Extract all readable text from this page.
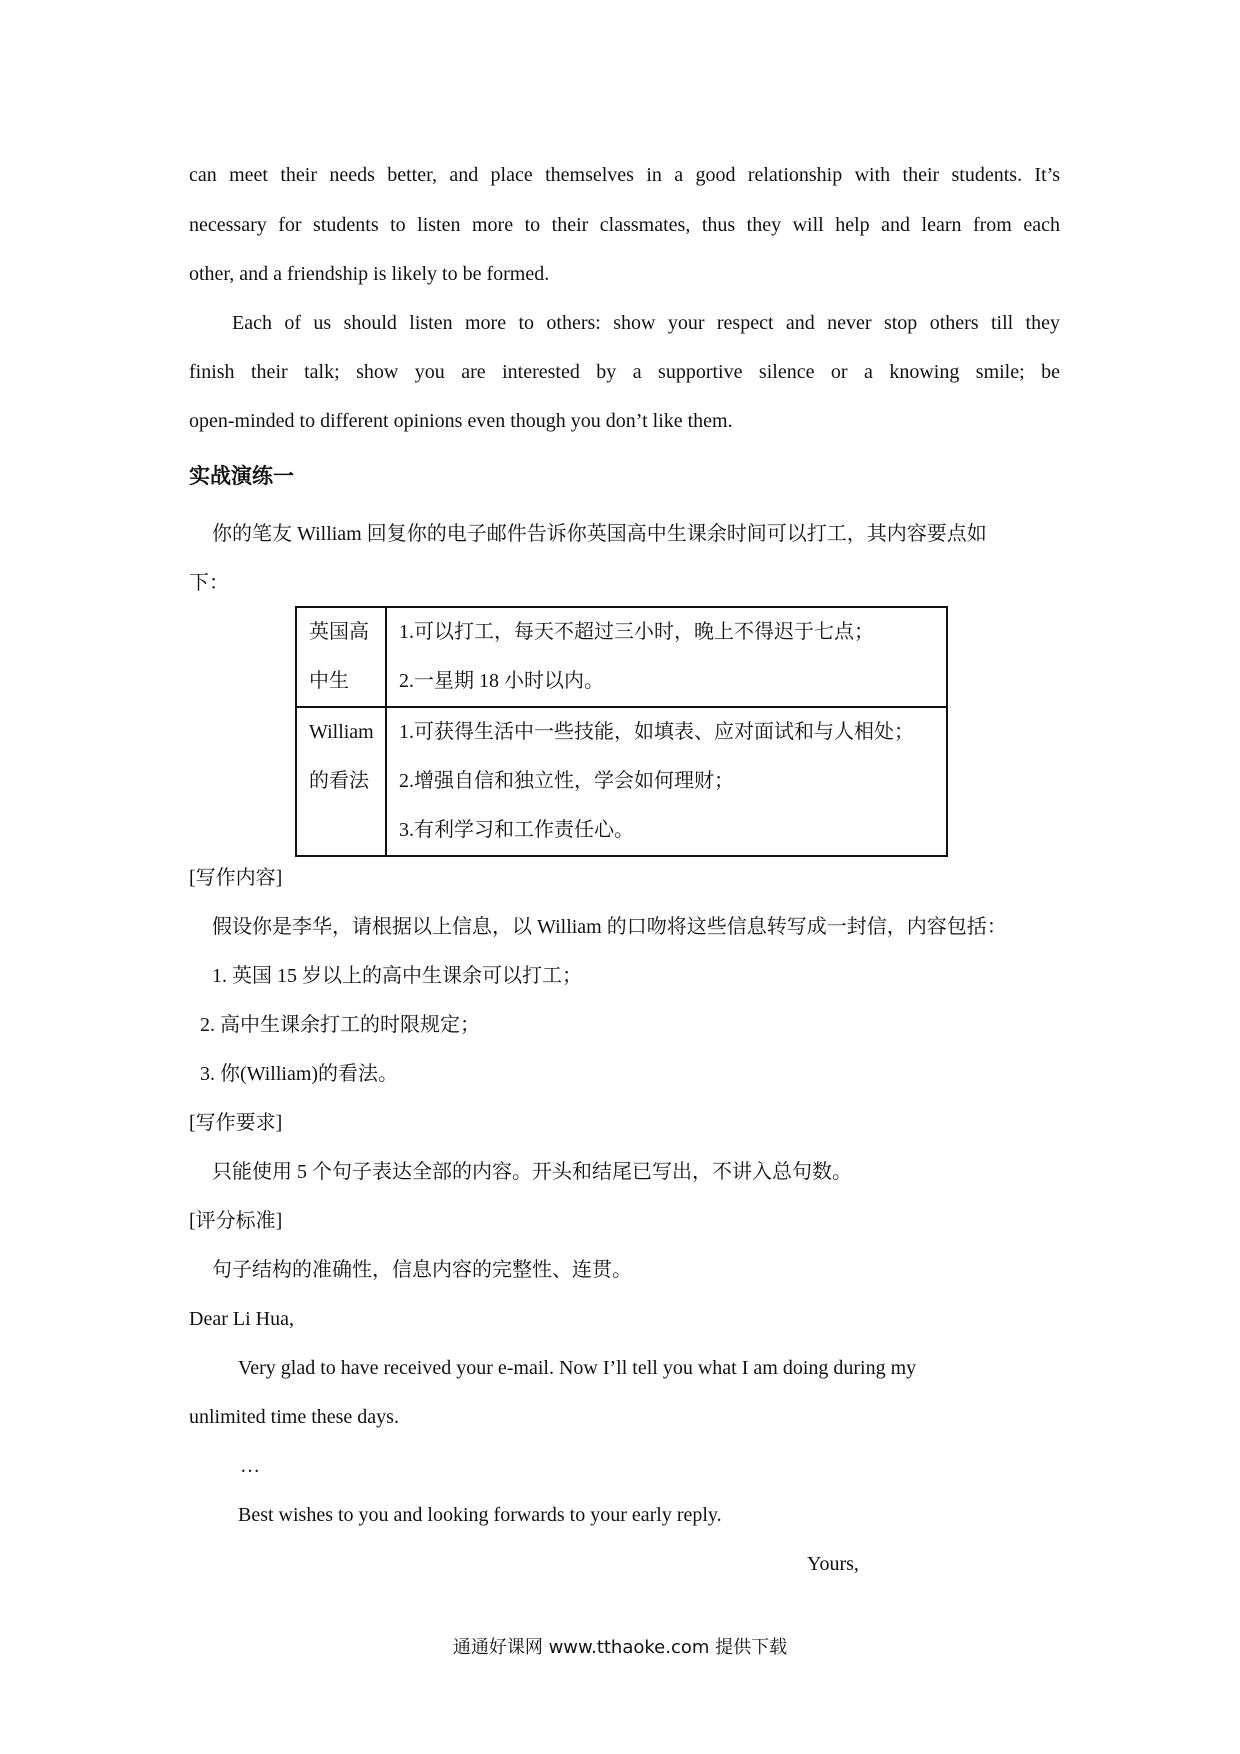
can meet their needs better, and place themselves in a good relationship with their students. It’s
necessary for students to listen more to their classmates, thus they will help and learn from each
other, and a friendship is likely to be formed.
Each of us should listen more to others: show your respect and never stop others till they
finish their talk; show you are interested by a supportive silence or a knowing smile; be
open-minded to different opinions even though you don’t like them.
实战演练一
你的笔友 William 回复你的电子邮件告诉你英国高中生课余时间可以打工，其内容要点如
下：
英国高
中生	1.可以打工，每天不超过三小时，晚上不得迟于七点；
2.一星期 18 小时以内。

William
的看法	1.可获得生活中一些技能，如填表、应对面试和与人相处；
2.增强自信和独立性，学会如何理财；
3.有利学习和工作责任心。
[写作内容]
假设你是李华，请根据以上信息，以 William 的口吻将这些信息转写成一封信，内容包括：
1. 英国 15 岁以上的高中生课余可以打工；
2. 高中生课余打工的时限规定；
3. 你(William)的看法。
[写作要求]
只能使用 5 个句子表达全部的内容。开头和结尾已写出，不讲入总句数。
[评分标准]
句子结构的准确性，信息内容的完整性、连贯。
Dear Li Hua,
Very glad to have received your e-mail. Now I’ll tell you what I am doing during my
unlimited time these days.
…
Best wishes to you and looking forwards to your early reply.
Yours,
通通好课网 www.tthaoke.com 提供下载
